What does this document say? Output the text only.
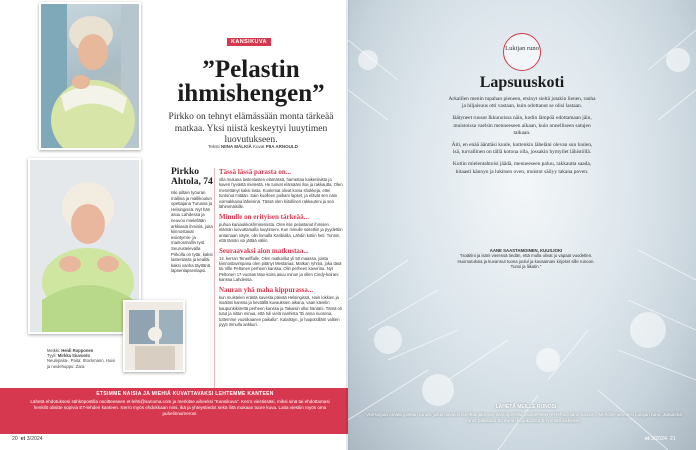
KANSIKUVA
”Pelastin ihmishengen”
Pirkko on tehnyt elämässään monta tärkeää matkaa. Yksi niistä keskeytyi luuytimen luovutukseen.
Teksti NIINA MÄLKIÄ Kuvat PIIA ARNOULD
Pirkko Ahtola, 74
Iski piltain työuran mallina ja mallikoulun opettajana Turussa ja Helsingissä. Nyt hän asuu Lahdessa ja neuvoo mielellään arkkiasiä ihmisiä, joita kiinnostavat esiintymis- ja mainosmallin työt. Seurustelevalla Pirkolla on tytär, kaksi lastenlasta ja kealläi kaksi vanha täyttänä lapsenlapsenlapsi.
Meikki: Heidi Ropponen
Tyyli: Mirkka Siuvuoto
Neulepaita-, Paita: Stockmann. Huivi ja neulehuppu: Zara.
Tässä lässä parasta on...

olla mukana lastenlasten elämässä, harrastaa kaikenlaista ja kaveri hyvästä mielestä. He tuovat elämääni iloa ja rakkautta. Olen menettänyt kaksi lasta. Kuolemat olivat kovia shokkeja, ettei tuntunut mitään. Sain kuolleen poikani lapset, ja elävät sen näin voimakkaina läheisinä. Tässä olen kiitollinen rakkauteni ja sen lähimmäisille.

Minulle on erityisen tärkeää...

puhua kaniaukkoshmisemista. Olen itse pelastanut ihmisen elämän luovuttamalla luuytimeni. Kun minulle soitettiin ja pyydettiin antamaan näyte, olin lomalla Karibialla. Lähdin kotiin heti. Tunnin, että tämän voi jättää väliin.

Seuraavaksi aion matkustaa...

14. kerran Teneriffalle. Olen matkaillut yli 50 maassa, joista kiinnostavimpana olen pitänyt Mestariaa. Matkan ryhmä, joka täsä tai Ville Peltonen perheen kanssa. Olin perheen kaverina. Nyt Peltonen 17-vuotias Max-koira asuu minun ja ollen Cindy-koirani kanssa Lahdessa.

Nauran yhä maha kippurassa...

kun muistelen erästä savesta päivää Helsingissä. Hain lokkien ja isoäitini kanssa ja keväällä kuvauksien aikana, vaan kävelin kaupunkikiirettä perheen kanssa ja Takaisin ollut häntäni. Tämä oli tutut ja nitäin minua, että tuli vielä nanhista ”Ei anna nuorena, tuttemme vuosikaanen paikalla”. Kalatstyn, jo haipotsilläm valtien pyyti minulla ankkuri.

ETSIMME NAISIA JA MIEHIÄ KUVATTAVAKSI LEHTEMME KANTEEN
Lähetä ehdotuksesi sähköpostilla osoitteeseen et-lehti@sanoma.com ja merkitse aiheeksi ”Kansikuva”. Kerro viestissäsi, miksi sinä tai ehdottamasi henkilö olisitte sopivia ET-lehden kanteen. Kerro myös ehdokkaan nimi, ikä ja yhteystiedot sekä liitä mukaan tuore kuva. Laita viestiin myös oma puhelinnumerosi.
20 et 3/2024
Lukijan runo
Lapsuuskoti

Arkaillen menin tupahan pieneen, etsinyt sieltä jotakin lienen, rauha ja hiljaisuus otti vastaan, kuin odottanut se olisi lastaan.

Iäätyneet ruusut Ikkunoissa näin, kodin lämpöä odottamaan jäin, muistoissa vaelsin menneeseen aikaan, kuin onnelliseen satujen taikaan.

Äiti, en enää äänttäsi kuule, kuttenkin läheläni olevan sun luulen, isä, turvallinen on tällä kotona olla, jossakin hymyilet lähistöllä.

Kotiin mielentahtoisi jäädä, menneeseen paluu, rakkautta saada, hitaasti kännyn ja lukitsen oven, muistot säilyy takana poven.

AANE SAASTAMOINEN, KUUSJOKI
”Isoäitini ja isäni vieressä tiedän, että mulla olivat jo vapaat vuodetlen. Huomutuksia ja kuvannut tuona joulul ja kuvaamani kirjoitet sille runoon. Tunsi ja liikutin.”
LÄHETÄ MEILLE RUNOSI
Voit tarjota omakirjoitetun runosi julkaistavaksi lähettämällä sen sähköpostilla osoitteeseen et-lehti@sanoma.com. Merkitse aiheeksi Lukijan runo. Julkaistut runot palkitaan 50 euron lahjakortilla S-ryhmän liikkeisiin.
et 3/2024 21
